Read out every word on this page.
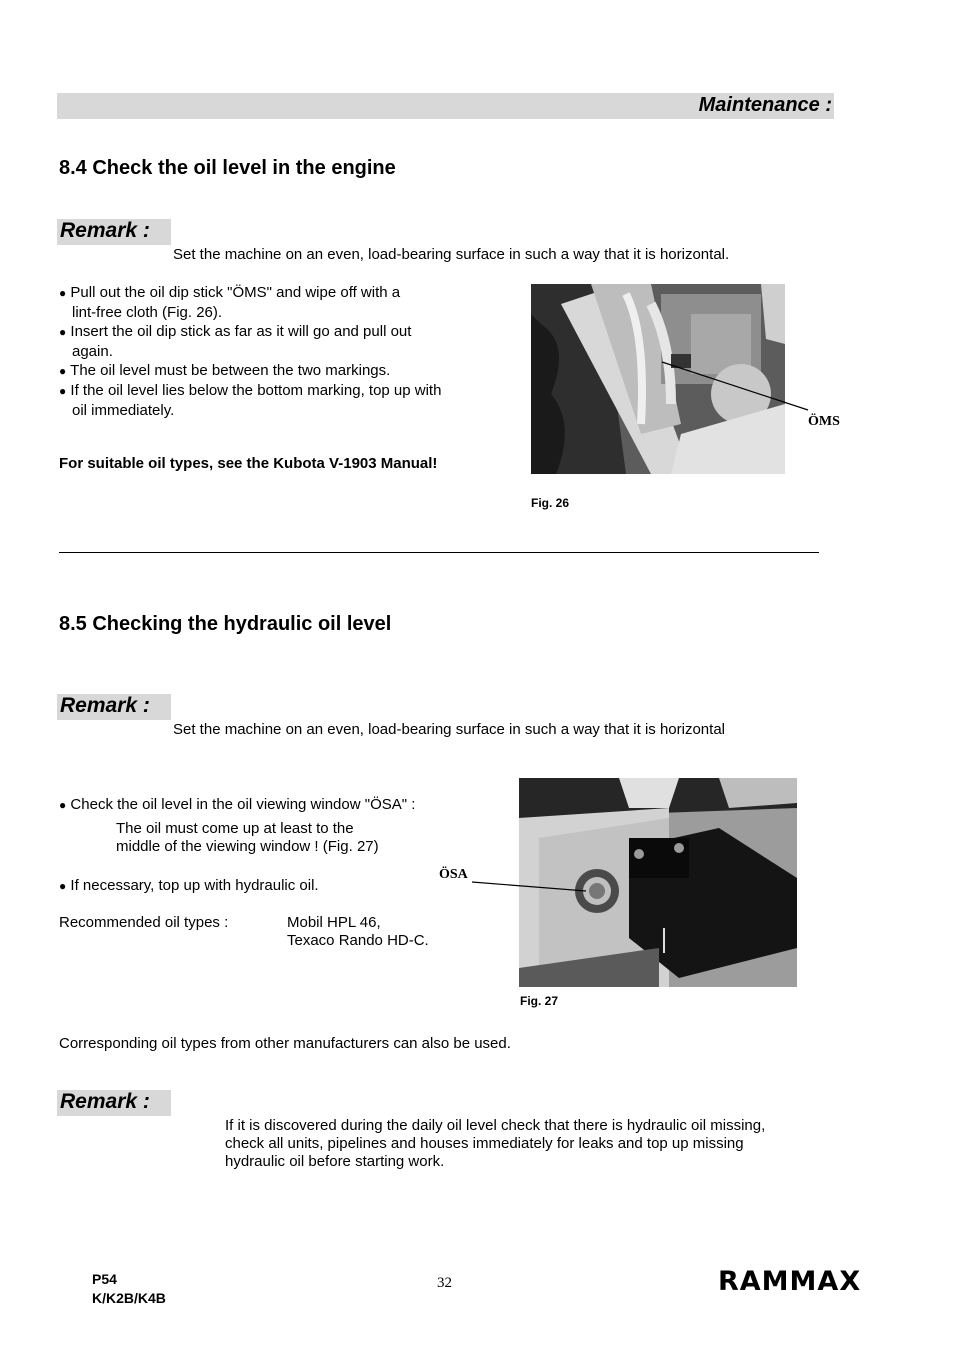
Maintenance :
8.4 Check the oil level in the engine
Remark :
Set the machine on an even, load-bearing surface in such a way that it is horizontal.
● Pull out the oil dip stick "ÖMS" and wipe off with a
lint-free cloth (Fig. 26).
● Insert the oil dip stick as far as it will go and pull out
again.
● The oil level must be between the two markings.
● If the oil level lies below the bottom marking, top up with
oil immediately.
For suitable oil types, see the Kubota V-1903 Manual!
ÖMS
Fig. 26
8.5 Checking the hydraulic oil level
Remark :
Set the machine on an even, load-bearing surface in such a way that it is horizontal
● Check the oil level in the oil viewing window "ÖSA" :
The oil must come up at least to the
middle of the viewing window ! (Fig. 27)
● If necessary, top up with hydraulic oil.
Recommended oil types :	Mobil HPL 46,
Texaco Rando HD-C.
ÖSA
Fig. 27
Corresponding oil types from other manufacturers can also be used.
Remark :
If it is discovered during the daily oil level check that there is hydraulic oil missing,
check all units, pipelines and houses immediately for leaks and top up missing
hydraulic oil before starting work.
P54
K/K2B/K4B
32	RAMMAX
